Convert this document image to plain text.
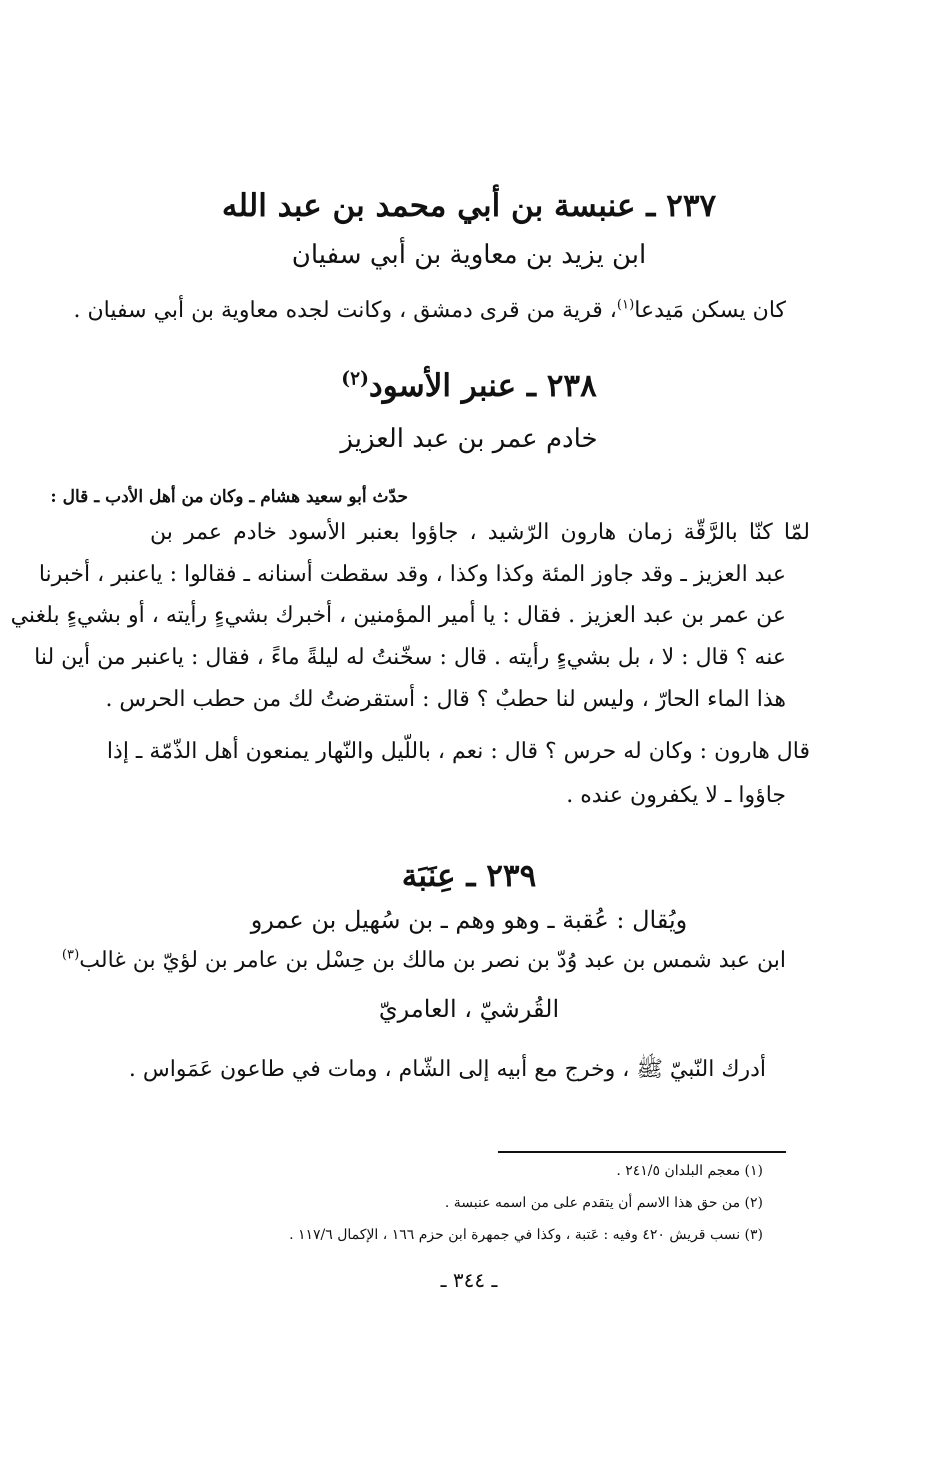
٢٣٧ ـ عنبسة بن أبي محمد بن عبد الله
ابن يزيد بن معاوية بن أبي سفيان
كان يسكن مَيدعا$^{(١)}$، قرية من قرى دمشق ، وكانت لجده معاوية بن أبي سفيان .
٢٣٨ ـ عنبر الأسود$^{(٢)}$
خادم عمر بن عبد العزيز
حدّث أبو سعيد هشام ـ وكان من أهل الأدب ـ قال :
لمّا كنّا بالرَّقّة زمان هارون الرّشيد ، جاؤوا بعنبر الأسود خادم عمر بن
عبد العزيز ـ وقد جاوز المئة وكذا وكذا ، وقد سقطت أسنانه ـ فقالوا : ياعنبر ، أخبرنا
عن عمر بن عبد العزيز . فقال : يا أمير المؤمنين ، أخبرك بشيءٍ رأيته ، أو بشيءٍ بلغني
عنه ؟ قال : لا ، بل بشيءٍ رأيته . قال : سخّنتُ له ليلةً ماءً ، فقال : ياعنبر من أين لنا
هذا الماء الحارّ ، وليس لنا حطبٌ ؟ قال : أستقرضتُ لك من حطب الحرس .
قال هارون : وكان له حرس ؟ قال : نعم ، باللّيل والنّهار يمنعون أهل الذّمّة ـ إذا
جاؤوا ـ لا يكفرون عنده .
٢٣٩ ـ عِنَبَة
ويُقال : عُقبة ـ وهو وهم ـ بن سُهيل بن عمرو
ابن عبد شمس بن عبد وُدّ بن نصر بن مالك بن حِسْل بن عامر بن لؤيّ بن غالب$^{(٣)}$
القُرشيّ ، العامريّ
أدرك النّبيّ ﷺ ، وخرج مع أبيه إلى الشّام ، ومات في طاعون عَمَواس .
(١) معجم البلدان ٢٤١/٥ .
(٢) من حق هذا الاسم أن يتقدم على من اسمه عنبسة .
(٣) نسب قريش ٤٢٠ وفيه : عَتبة ، وكذا في جمهرة ابن حزم ١٦٦ ، الإكمال ١١٧/٦ .
ـ ٣٤٤ ـ
